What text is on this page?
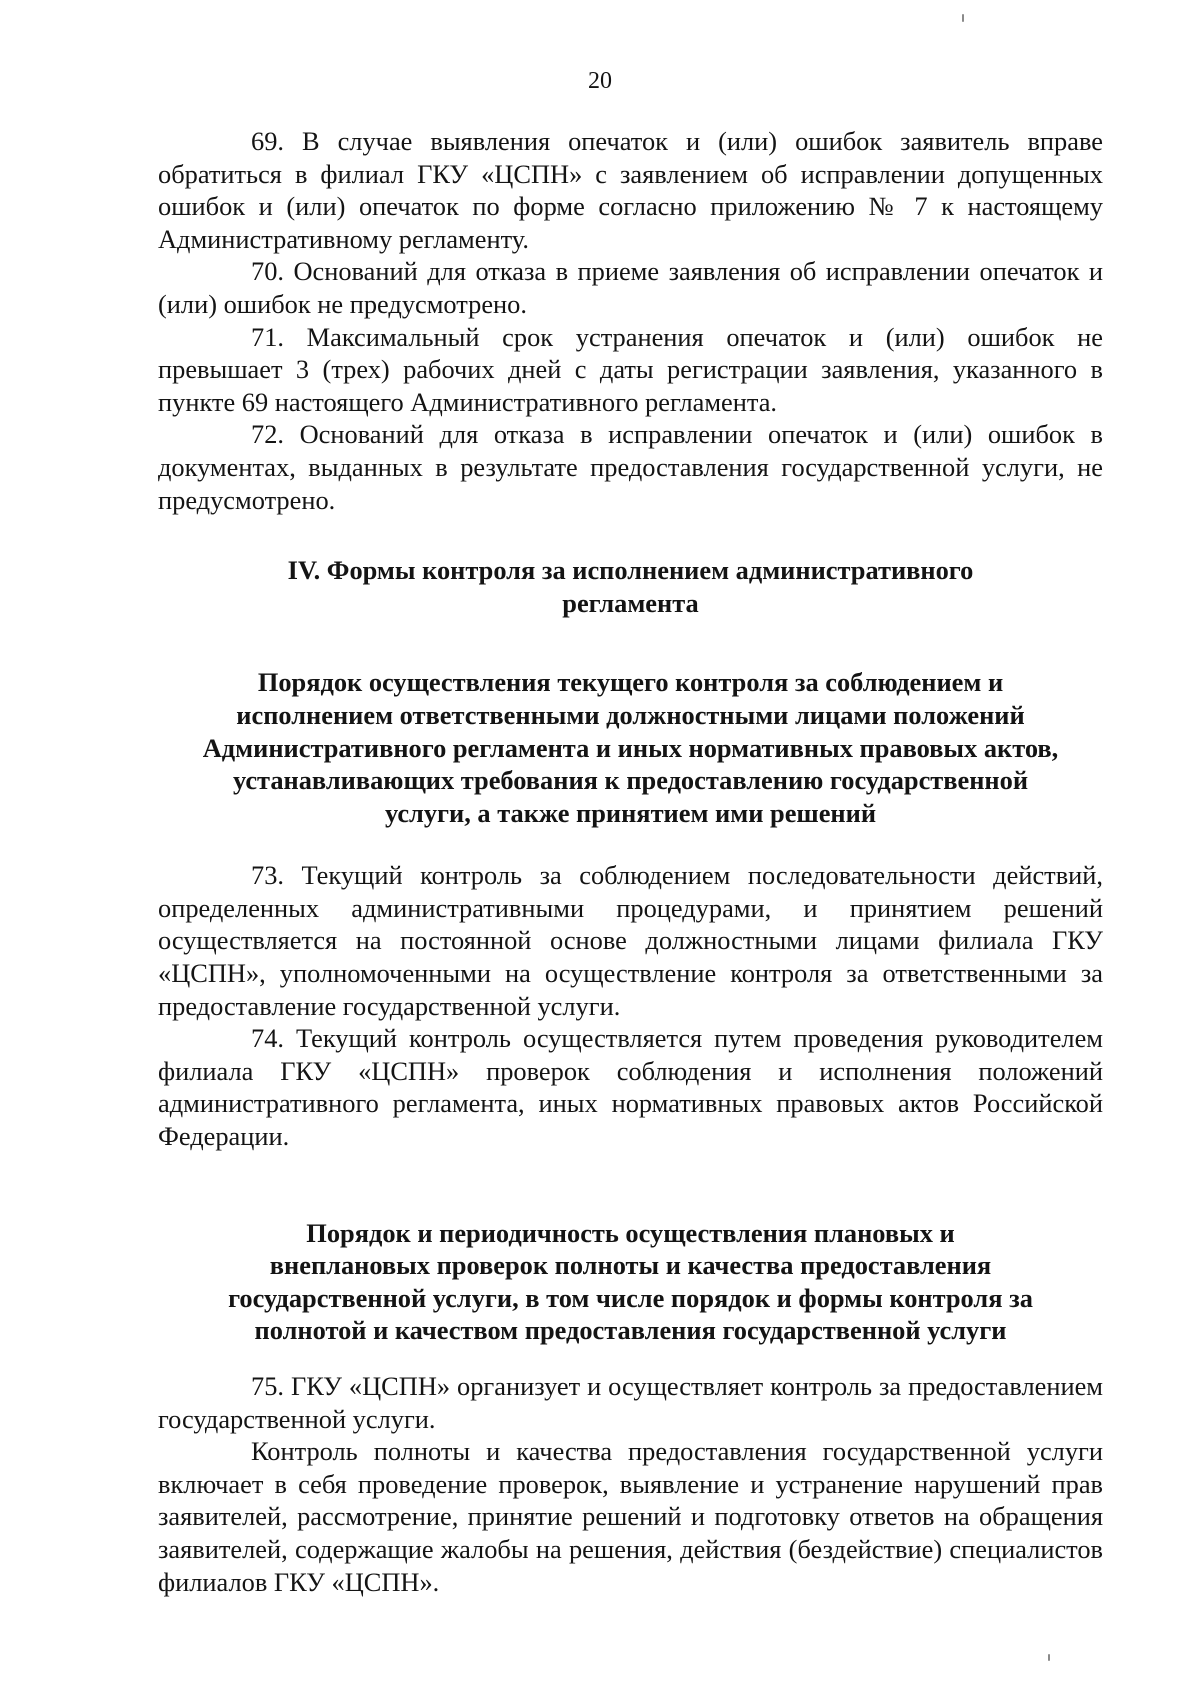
20

69. В случае выявления опечаток и (или) ошибок заявитель вправе обратиться в филиал ГКУ «ЦСПН» с заявлением об исправлении допущенных ошибок и (или) опечаток по форме согласно приложению № 7 к настоящему Административному регламенту.

70. Оснований для отказа в приеме заявления об исправлении опечаток и (или) ошибок не предусмотрено.

71. Максимальный срок устранения опечаток и (или) ошибок не превышает 3 (трех) рабочих дней с даты регистрации заявления, указанного в пункте 69 настоящего Административного регламента.

72. Оснований для отказа в исправлении опечаток и (или) ошибок в документах, выданных в результате предоставления государственной услуги, не предусмотрено.

IV. Формы контроля за исполнением административного
регламента
Порядок осуществления текущего контроля за соблюдением и
исполнением ответственными должностными лицами положений
Административного регламента и иных нормативных правовых актов,
устанавливающих требования к предоставлению государственной
услуги, а также принятием ими решений

73. Текущий контроль за соблюдением последовательности действий, определенных административными процедурами, и принятием решений осуществляется на постоянной основе должностными лицами филиала ГКУ «ЦСПН», уполномоченными на осуществление контроля за ответственными за предоставление государственной услуги.

74. Текущий контроль осуществляется путем проведения руководителем филиала ГКУ «ЦСПН» проверок соблюдения и исполнения положений административного регламента, иных нормативных правовых актов Российской Федерации.

Порядок и периодичность осуществления плановых и
внеплановых проверок полноты и качества предоставления
государственной услуги, в том числе порядок и формы контроля за
полнотой и качеством предоставления государственной услуги

75. ГКУ «ЦСПН» организует и осуществляет контроль за предоставлением государственной услуги.

Контроль полноты и качества предоставления государственной услуги включает в себя проведение проверок, выявление и устранение нарушений прав заявителей, рассмотрение, принятие решений и подготовку ответов на обращения заявителей, содержащие жалобы на решения, действия (бездействие) специалистов филиалов ГКУ «ЦСПН».
